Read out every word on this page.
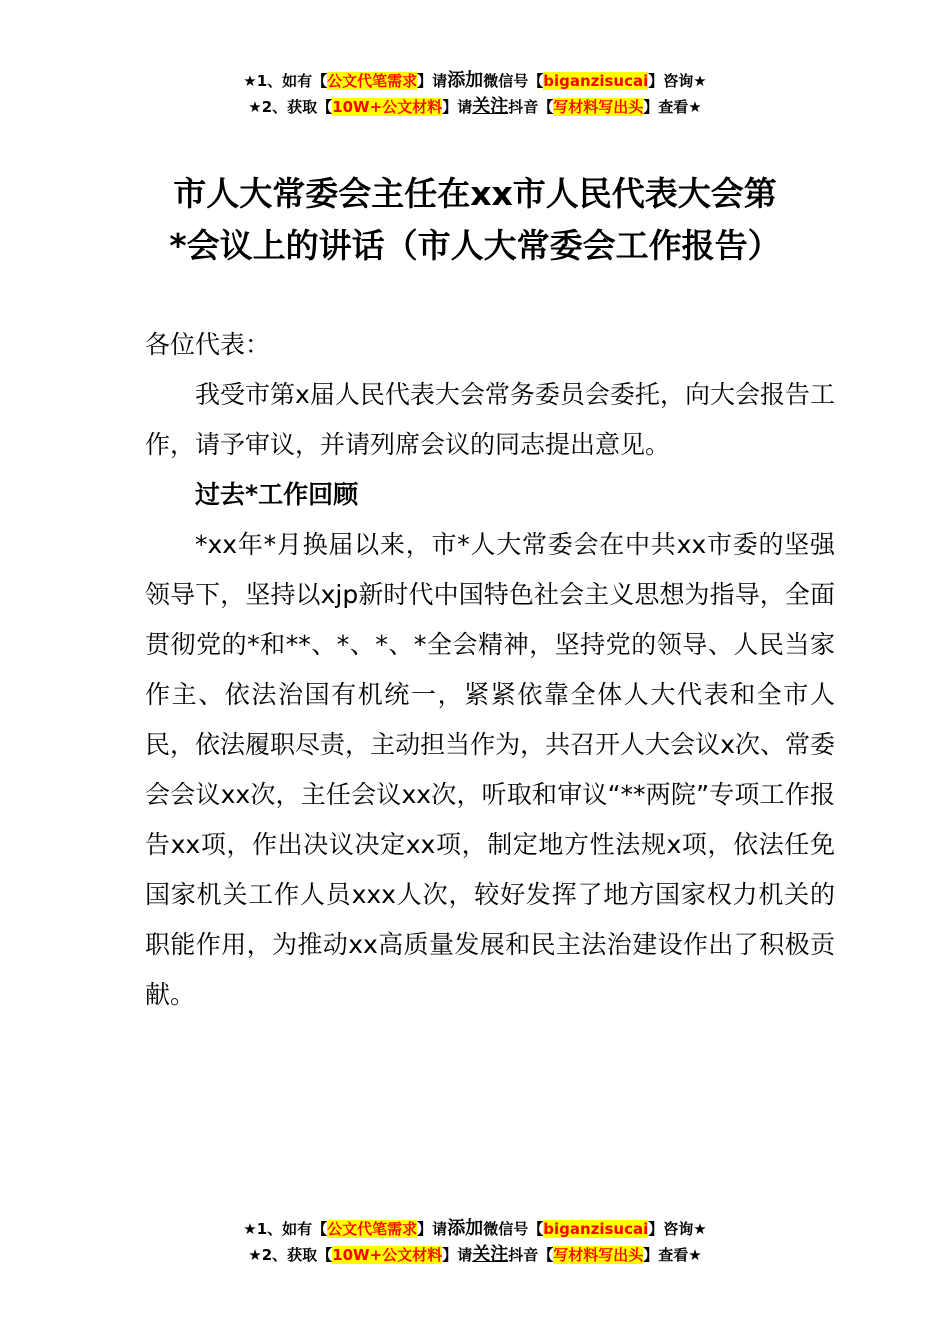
★1、如有【公文代笔需求】请添加微信号【biganzisucai】咨询★
★2、获取【10W+公文材料】请关注抖音【写材料写出头】查看★
市人大常委会主任在xx市人民代表大会第
*会议上的讲话（市人大常委会工作报告）

各位代表：

我受市第x届人民代表大会常务委员会委托，向大会报告工作，请予审议，并请列席会议的同志提出意见。

过去*工作回顾

*xx年*月换届以来，市*人大常委会在中共xx市委的坚强领导下，坚持以xjp新时代中国特色社会主义思想为指导，全面贯彻党的*和**、*、*、*全会精神，坚持党的领导、人民当家作主、依法治国有机统一，紧紧依靠全体人大代表和全市人民，依法履职尽责，主动担当作为，共召开人大会议x次、常委会会议xx次，主任会议xx次，听取和审议“**两院”专项工作报告xx项，作出决议决定xx项，制定地方性法规x项，依法任免国家机关工作人员xxx人次，较好发挥了地方国家权力机关的职能作用，为推动xx高质量发展和民主法治建设作出了积极贡献。

★1、如有【公文代笔需求】请添加微信号【biganzisucai】咨询★
★2、获取【10W+公文材料】请关注抖音【写材料写出头】查看★
